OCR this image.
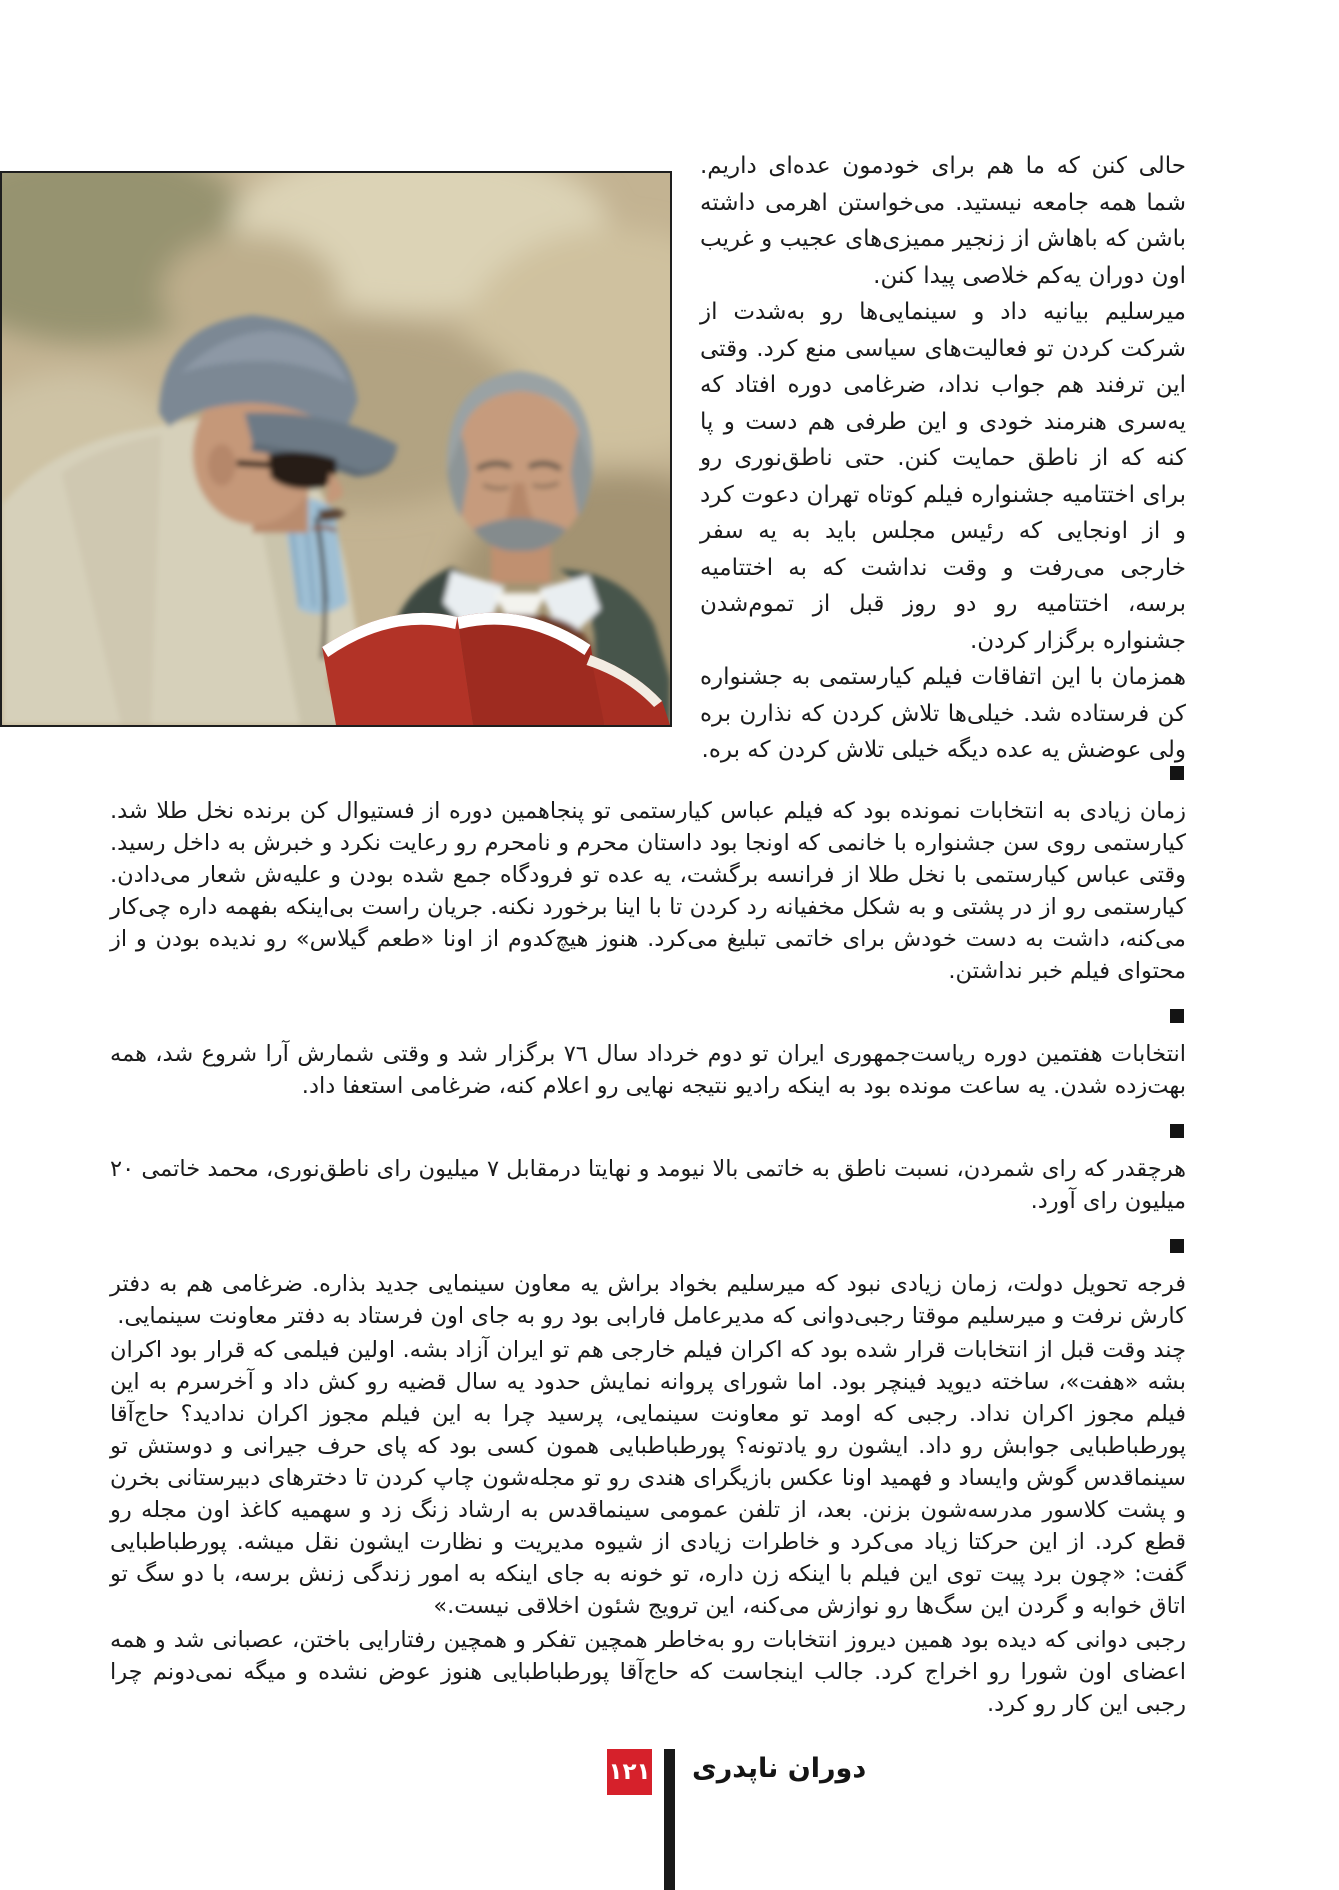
حالی کنن که ما هم برای خودمون عده‌ای داریم. شما همه جامعه نیستید. می‌خواستن اهرمی داشته باشن که باهاش از زنجیر ممیزی‌های عجیب و غریب اون دوران یه‌کم خلاصی پیدا کنن.

میرسلیم بیانیه داد و سینمایی‌ها رو به‌شدت از شرکت کردن تو فعالیت‌های سیاسی منع کرد. وقتی این ترفند هم جواب نداد، ضرغامی دوره افتاد که یه‌سری هنرمند خودی و این طرفی هم دست و پا کنه که از ناطق حمایت کنن. حتی ناطق‌نوری رو برای اختتامیه جشنواره فیلم کوتاه تهران دعوت کرد و از اونجایی که رئیس مجلس باید به یه سفر خارجی می‌رفت و وقت نداشت که به اختتامیه برسه، اختتامیه رو دو روز قبل از تموم‌شدن جشنواره برگزار کردن.

همزمان با این اتفاقات فیلم کیارستمی به جشنواره کن فرستاده شد. خیلی‌ها تلاش کردن که نذارن بره ولی عوضش یه عده دیگه خیلی تلاش کردن که بره.

زمان زیادی به انتخابات نمونده بود که فیلم عباس کیارستمی تو پنجاهمین دوره از فستیوال کن برنده نخل طلا شد. کیارستمی روی سن جشنواره با خانمی که اونجا بود داستان محرم و نامحرم رو رعایت نکرد و خبرش به داخل رسید. وقتی عباس کیارستمی با نخل طلا از فرانسه برگشت، یه عده تو فرودگاه جمع شده بودن و علیه‌ش شعار می‌دادن. کیارستمی رو از در پشتی و به شکل مخفیانه رد کردن تا با اینا برخورد نکنه. جریان راست بی‌اینکه بفهمه داره چی‌کار می‌کنه، داشت به دست خودش برای خاتمی تبلیغ می‌کرد. هنوز هیچ‌کدوم از اونا «طعم گیلاس» رو ندیده بودن و از محتوای فیلم خبر نداشتن.

انتخابات هفتمین دوره ریاست‌جمهوری ایران تو دوم خرداد سال ٧٦ برگزار شد و وقتی شمارش آرا شروع شد، همه بهت‌زده شدن. یه ساعت مونده بود به اینکه رادیو نتیجه نهایی رو اعلام کنه، ضرغامی استعفا داد.

هرچقدر که رای شمردن، نسبت ناطق به خاتمی بالا نیومد و نهایتا درمقابل ٧ میلیون رای ناطق‌نوری، محمد خاتمی ٢٠ میلیون رای آورد.

فرجه تحویل دولت، زمان زیادی نبود که میرسلیم بخواد براش یه معاون سینمایی جدید بذاره. ضرغامی هم به دفتر کارش نرفت و میرسلیم موقتا رجبی‌دوانی که مدیرعامل فارابی بود رو به جای اون فرستاد به دفتر معاونت سینمایی.

چند وقت قبل از انتخابات قرار شده بود که اکران فیلم خارجی هم تو ایران آزاد بشه. اولین فیلمی که قرار بود اکران بشه «هفت»، ساخته دیوید فینچر بود. اما شورای پروانه نمایش حدود یه سال قضیه رو کش داد و آخرسرم به این فیلم مجوز اکران نداد. رجبی که اومد تو معاونت سینمایی، پرسید چرا به این فیلم مجوز اکران ندادید؟ حاج‌آقا پورطباطبایی جوابش رو داد. ایشون رو یادتونه؟ پورطباطبایی همون کسی بود که پای حرف جیرانی و دوستش تو سینماقدس گوش وایساد و فهمید اونا عکس بازیگرای هندی رو تو مجله‌شون چاپ کردن تا دخترهای دبیرستانی بخرن و پشت کلاسور مدرسه‌شون بزنن. بعد، از تلفن عمومی سینماقدس به ارشاد زنگ زد و سهمیه کاغذ اون مجله رو قطع کرد. از این حرکتا زیاد می‌کرد و خاطرات زیادی از شیوه مدیریت و نظارت ایشون نقل میشه. پورطباطبایی گفت: «چون برد پیت توی این فیلم با اینکه زن داره، تو خونه به جای اینکه به امور زندگی زنش برسه، با دو سگ تو اتاق خوابه و گردن این سگ‌ها رو نوازش می‌کنه، این ترویج شئون اخلاقی نیست.»

رجبی دوانی که دیده بود همین دیروز انتخابات رو به‌خاطر همچین تفکر و همچین رفتارایی باختن، عصبانی شد و همه اعضای اون شورا رو اخراج کرد. جالب اینجاست که حاج‌آقا پورطباطبایی هنوز عوض نشده و میگه نمی‌دونم چرا رجبی این کار رو کرد.

۱۲۱ دوران ناپدری
